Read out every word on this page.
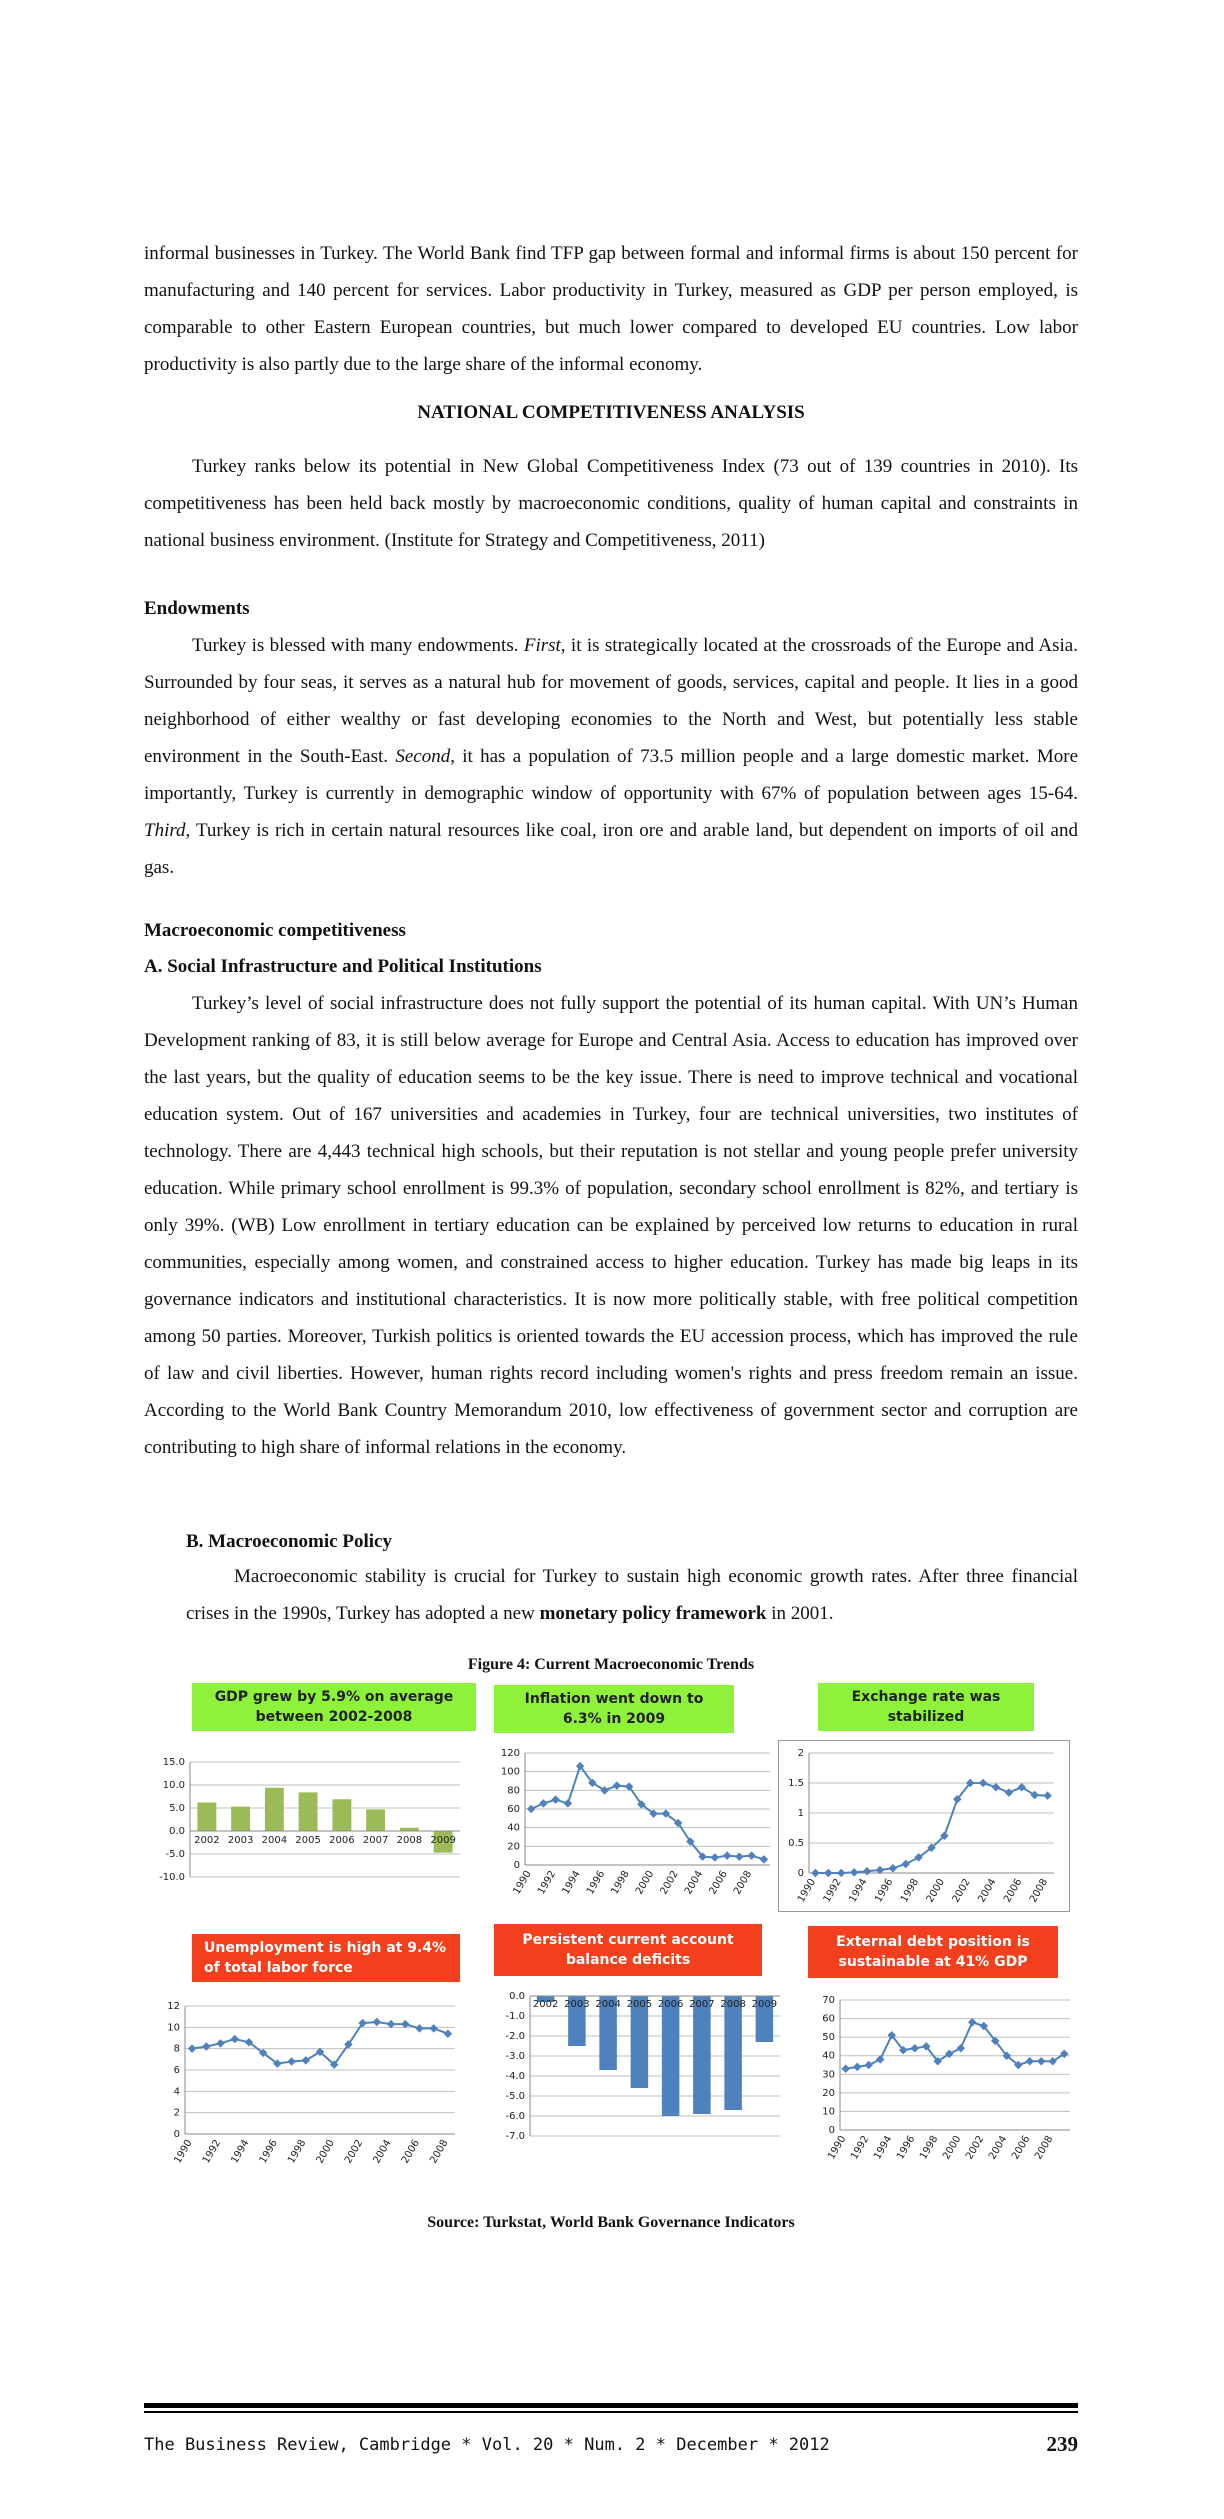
informal businesses in Turkey. The World Bank find TFP gap between formal and informal firms is about 150 percent for manufacturing and 140 percent for services. Labor productivity in Turkey, measured as GDP per person employed, is comparable to other Eastern European countries, but much lower compared to developed EU countries. Low labor productivity is also partly due to the large share of the informal economy.

NATIONAL COMPETITIVENESS ANALYSIS

Turkey ranks below its potential in New Global Competitiveness Index (73 out of 139 countries in 2010). Its competitiveness has been held back mostly by macroeconomic conditions, quality of human capital and constraints in national business environment. (Institute for Strategy and Competitiveness, 2011)

Endowments

Turkey is blessed with many endowments. First, it is strategically located at the crossroads of the Europe and Asia. Surrounded by four seas, it serves as a natural hub for movement of goods, services, capital and people. It lies in a good neighborhood of either wealthy or fast developing economies to the North and West, but potentially less stable environment in the South-East. Second, it has a population of 73.5 million people and a large domestic market. More importantly, Turkey is currently in demographic window of opportunity with 67% of population between ages 15-64. Third, Turkey is rich in certain natural resources like coal, iron ore and arable land, but dependent on imports of oil and gas.

Macroeconomic competitiveness

A. Social Infrastructure and Political Institutions

Turkey’s level of social infrastructure does not fully support the potential of its human capital. With UN’s Human Development ranking of 83, it is still below average for Europe and Central Asia. Access to education has improved over the last years, but the quality of education seems to be the key issue. There is need to improve technical and vocational education system. Out of 167 universities and academies in Turkey, four are technical universities, two institutes of technology. There are 4,443 technical high schools, but their reputation is not stellar and young people prefer university education. While primary school enrollment is 99.3% of population, secondary school enrollment is 82%, and tertiary is only 39%. (WB) Low enrollment in tertiary education can be explained by perceived low returns to education in rural communities, especially among women, and constrained access to higher education. Turkey has made big leaps in its governance indicators and institutional characteristics. It is now more politically stable, with free political competition among 50 parties. Moreover, Turkish politics is oriented towards the EU accession process, which has improved the rule of law and civil liberties. However, human rights record including women's rights and press freedom remain an issue. According to the World Bank Country Memorandum 2010, low effectiveness of government sector and corruption are contributing to high share of informal relations in the economy.

B. Macroeconomic Policy

Macroeconomic stability is crucial for Turkey to sustain high economic growth rates. After three financial crises in the 1990s, Turkey has adopted a new monetary policy framework in 2001.

Figure 4: Current Macroeconomic Trends
GDP grew by 5.9% on average between 2002-2008
Inflation went down to 6.3% in 2009
Exchange rate was stabilized
Unemployment is high at 9.4% of total labor force
Persistent current account balance deficits
External debt position is sustainable at 41% GDP
15.0
10.0
5.0
0.0
-5.0
-10.0
2002 2003 2004 2005 2006 2007 2008 2009
120
100
80
60
40
20
0
1990 1992 1994 1996 1998 2000 2002 2004 2006 2008
2
1.5
1
0.5
0
1990 1992 1994 1996 1998 2000 2002 2004 2006 2008
12
10
8
6
4
2
0
1990 1992 1994 1996 1998 2000 2002 2004 2006 2008
0.0
-1.0
-2.0
-3.0
-4.0
-5.0
-6.0
-7.0
2002 2003 2004 2005 2006 2007 2008 2009	70
60
50
40
30
20
10
0
1990 1992 1994 1996 1998 2000 2002 2004 2006 2008
Source: Turkstat, World Bank Governance Indicators
The Business Review, Cambridge * Vol. 20 * Num. 2 * December * 2012	239
